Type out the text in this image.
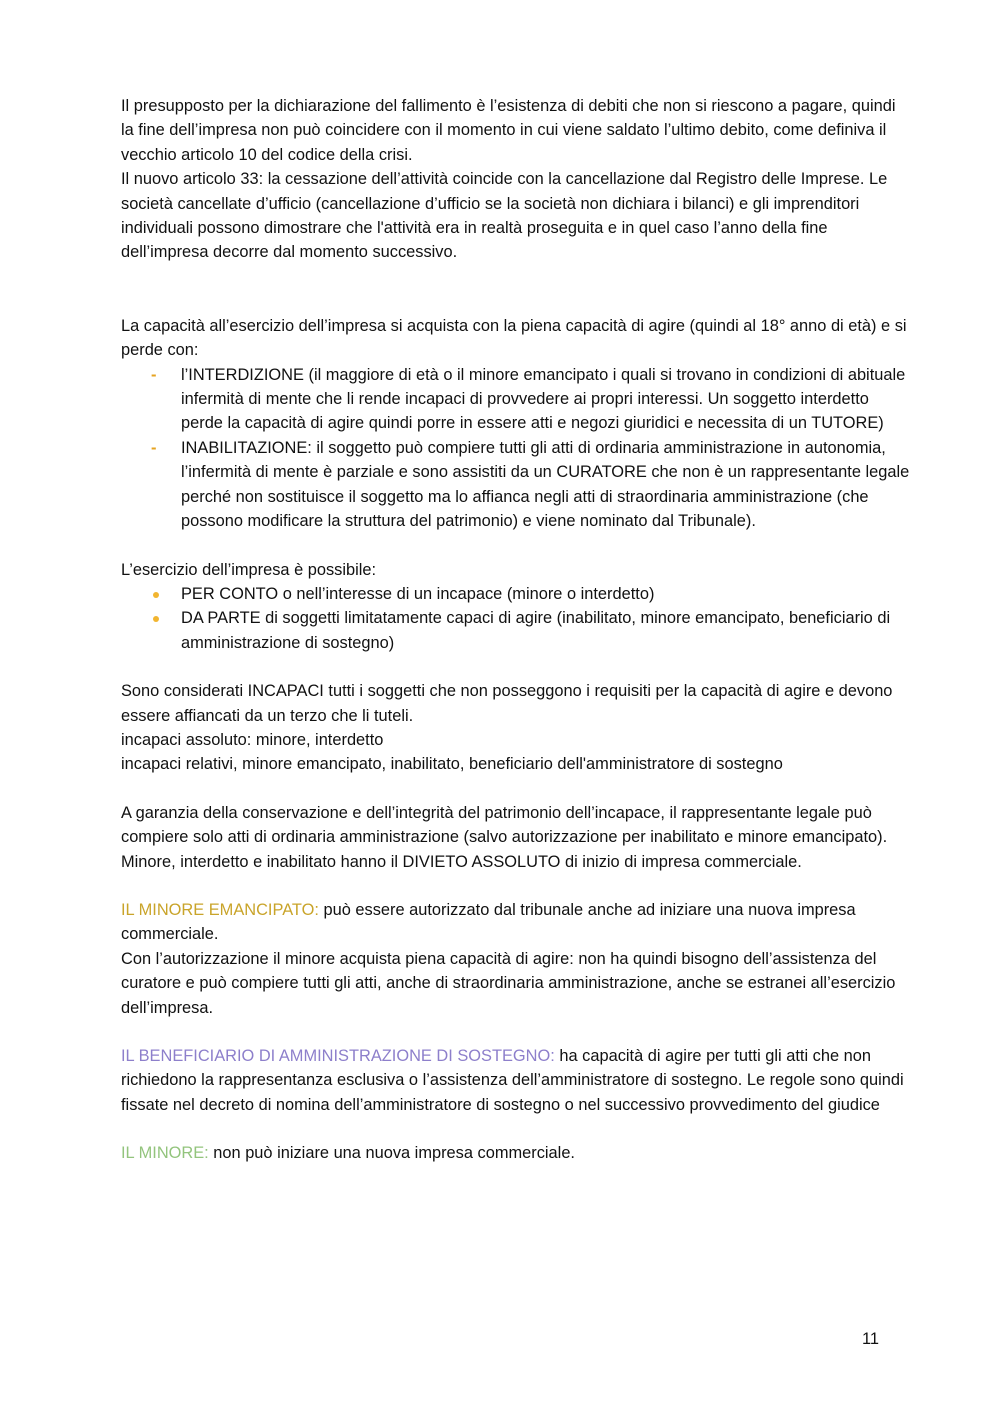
Il presupposto per la dichiarazione del fallimento è l’esistenza di debiti che non si riescono a pagare, quindi la fine dell’impresa non può coincidere con il momento in cui viene saldato l’ultimo debito, come definiva il vecchio articolo 10 del codice della crisi.

Il nuovo articolo 33: la cessazione dell’attività coincide con la cancellazione dal Registro delle Imprese. Le società cancellate d’ufficio (cancellazione d’ufficio se la società non dichiara i bilanci) e gli imprenditori individuali possono dimostrare che l'attività era in realtà proseguita e in quel caso l’anno della fine dell’impresa decorre dal momento successivo.

La capacità all’esercizio dell’impresa si acquista con la piena capacità di agire (quindi al 18° anno di età) e si perde con:

- l’INTERDIZIONE (il maggiore di età o il minore emancipato i quali si trovano in condizioni di abituale infermità di mente che li rende incapaci di provvedere ai propri interessi. Un soggetto interdetto perde la capacità di agire quindi porre in essere atti e negozi giuridici e necessita di un TUTORE)
- INABILITAZIONE: il soggetto può compiere tutti gli atti di ordinaria amministrazione in autonomia, l’infermità di mente è parziale e sono assistiti da un CURATORE che non è un rappresentante legale perché non sostituisce il soggetto ma lo affianca negli atti di straordinaria amministrazione (che possono modificare la struttura del patrimonio) e viene nominato dal Tribunale).

L’esercizio dell’impresa è possibile:

PER CONTO o nell’interesse di un incapace (minore o interdetto)
DA PARTE di soggetti limitatamente capaci di agire (inabilitato, minore emancipato, beneficiario di amministrazione di sostegno)

Sono considerati INCAPACI tutti i soggetti che non posseggono i requisiti per la capacità di agire e devono essere affiancati da un terzo che li tuteli.

incapaci assoluto: minore, interdetto

incapaci relativi, minore emancipato, inabilitato, beneficiario dell'amministratore di sostegno

A garanzia della conservazione e dell’integrità del patrimonio dell’incapace, il rappresentante legale può compiere solo atti di ordinaria amministrazione (salvo autorizzazione per inabilitato e minore emancipato).

Minore, interdetto e inabilitato hanno il DIVIETO ASSOLUTO di inizio di impresa commerciale.

IL MINORE EMANCIPATO: può essere autorizzato dal tribunale anche ad iniziare una nuova impresa commerciale.

Con l’autorizzazione il minore acquista piena capacità di agire: non ha quindi bisogno dell’assistenza del curatore e può compiere tutti gli atti, anche di straordinaria amministrazione, anche se estranei all’esercizio dell’impresa.

IL BENEFICIARIO DI AMMINISTRAZIONE DI SOSTEGNO: ha capacità di agire per tutti gli atti che non richiedono la rappresentanza esclusiva o l’assistenza dell’amministratore di sostegno. Le regole sono quindi fissate nel decreto di nomina dell’amministratore di sostegno o nel successivo provvedimento del giudice

IL MINORE: non può iniziare una nuova impresa commerciale.

11
